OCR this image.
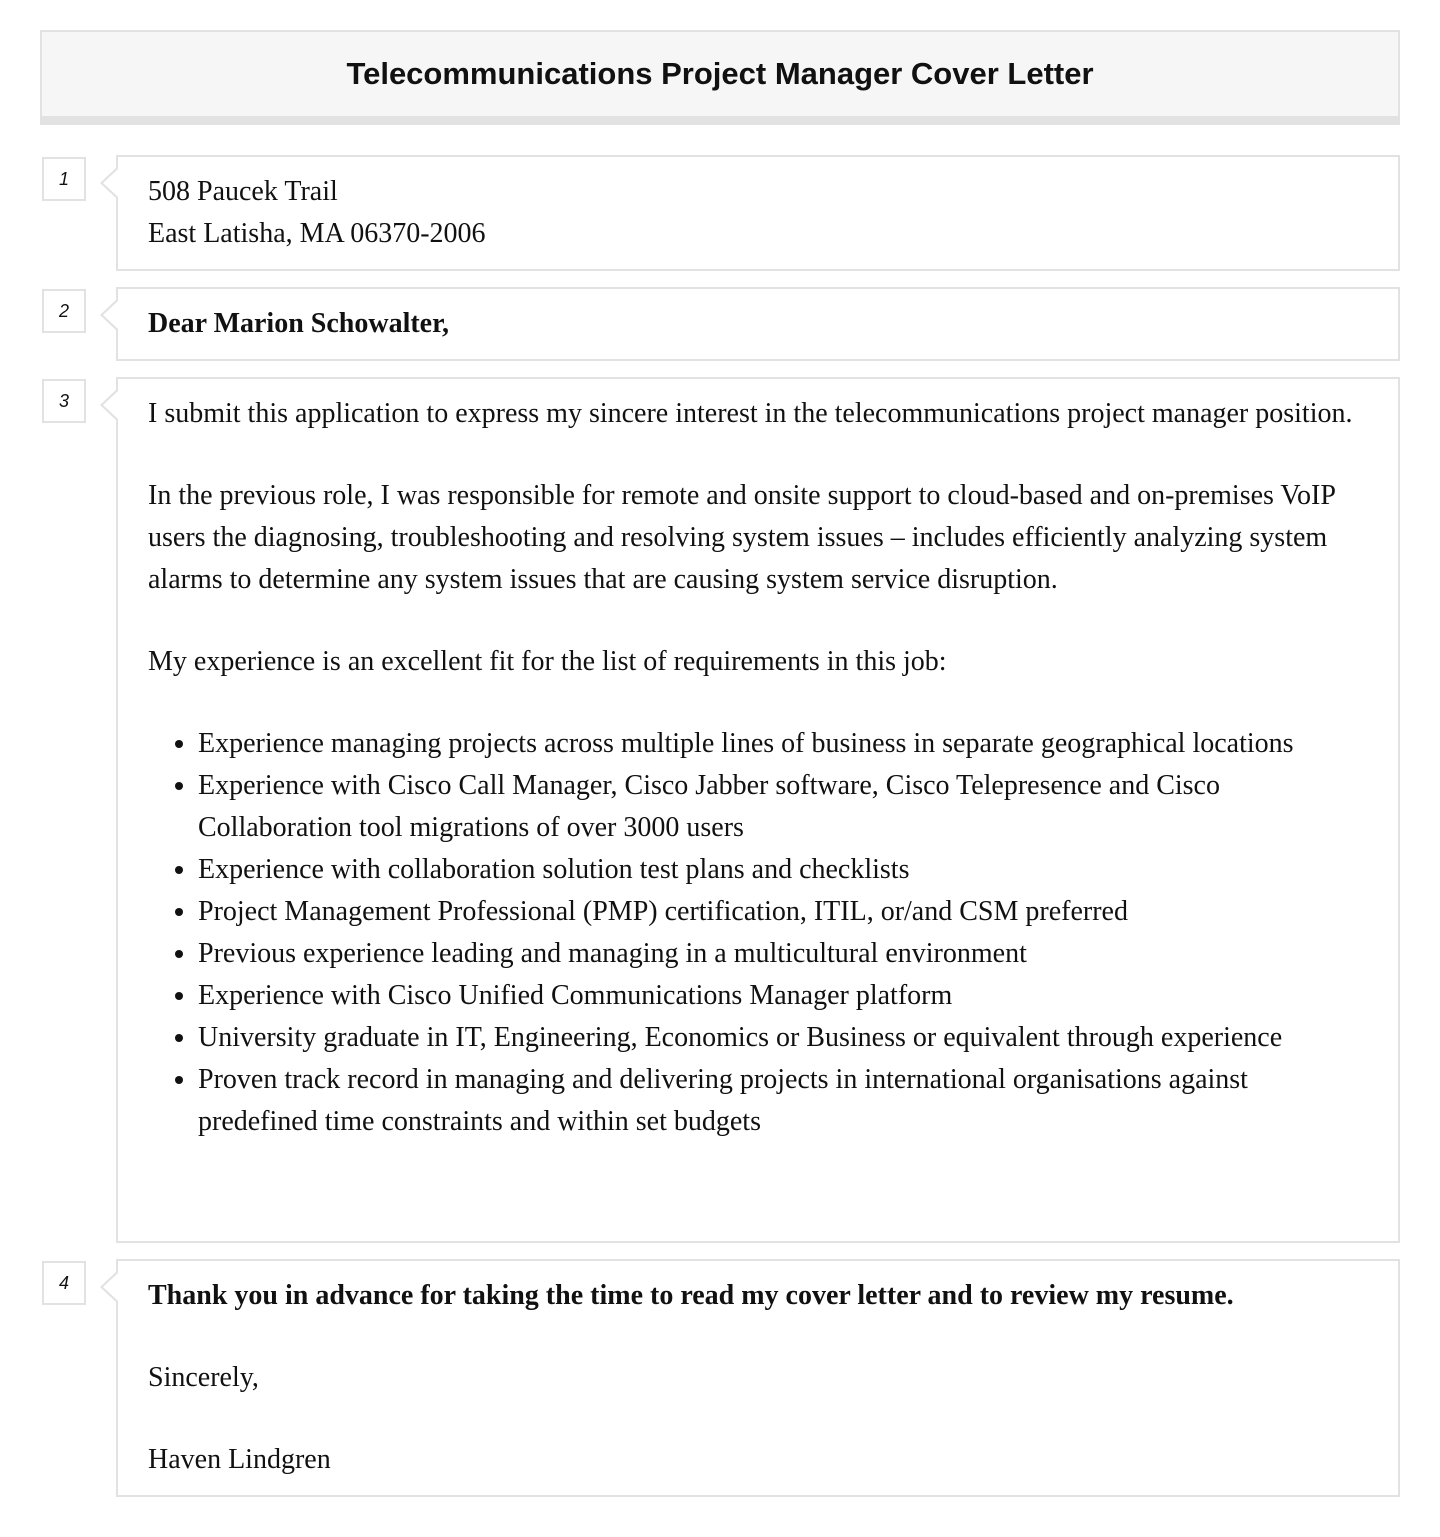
Telecommunications Project Manager Cover Letter
1	508 Paucek Trail

East Latisha, MA 06370-2006

2	Dear Marion Schowalter,

3	I submit this application to express my sincere interest in the telecommunications project manager position.

In the previous role, I was responsible for remote and onsite support to cloud-based and on-premises VoIP users the diagnosing, troubleshooting and resolving system issues – includes efficiently analyzing system alarms to determine any system issues that are causing system service disruption.

My experience is an excellent fit for the list of requirements in this job:

• Experience managing projects across multiple lines of business in separate geographical locations
• Experience with Cisco Call Manager, Cisco Jabber software, Cisco Telepresence and Cisco Collaboration tool migrations of over 3000 users
• Experience with collaboration solution test plans and checklists
• Project Management Professional (PMP) certification, ITIL, or/and CSM preferred
• Previous experience leading and managing in a multicultural environment
• Experience with Cisco Unified Communications Manager platform
• University graduate in IT, Engineering, Economics or Business or equivalent through experience
• Proven track record in managing and delivering projects in international organisations against predefined time constraints and within set budgets
4	Thank you in advance for taking the time to read my cover letter and to review my resume.

Sincerely,

Haven Lindgren
